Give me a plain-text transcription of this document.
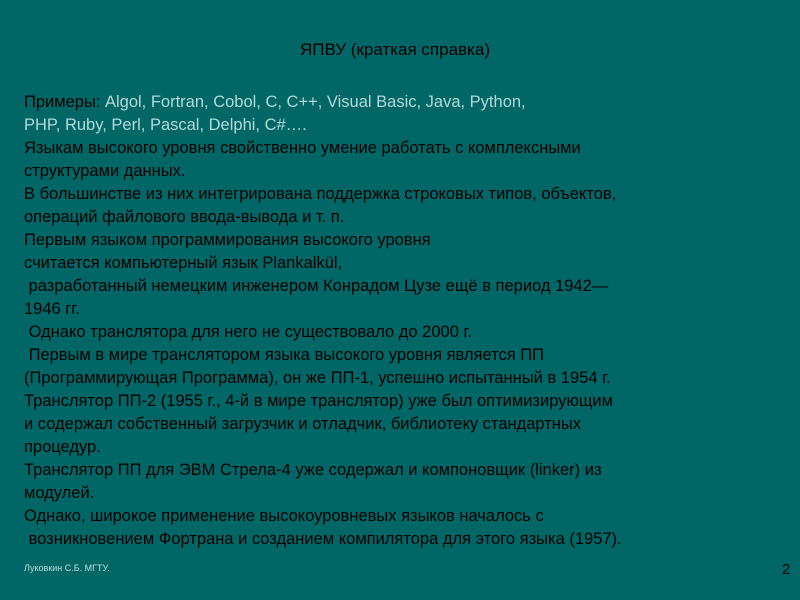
ЯПВУ (краткая справка)
Примеры: Algol, Fortran, Cobol, C, C++, Visual Basic, Java, Python,
PHP, Ruby, Perl, Pascal, Delphi, C#….
Языкам высокого уровня свойственно умение работать с комплексными
структурами данных.
В большинстве из них интегрирована поддержка строковых типов, объектов,
операций файлового ввода-вывода и т. п.
Первым языком программирования высокого уровня
считается компьютерный язык Plankalkül,
разработанный немецким инженером Конрадом Цузе ещё в период 1942—
1946 гг.
Однако транслятора для него не существовало до 2000 г.
Первым в мире транслятором языка высокого уровня является ПП
(Программирующая Программа), он же ПП-1, успешно испытанный в 1954 г.
Транслятор ПП-2 (1955 г., 4-й в мире транслятор) уже был оптимизирующим
и содержал собственный загрузчик и отладчик, библиотеку стандартных
процедур.
Транслятор ПП для ЭВМ Стрела-4 уже содержал и компоновщик (linker) из
модулей.
Однако, широкое применение высокоуровневых языков началось с
возникновением Фортрана и созданием компилятора для этого языка (1957).
Луковкин С.Б. МГТУ.	2
